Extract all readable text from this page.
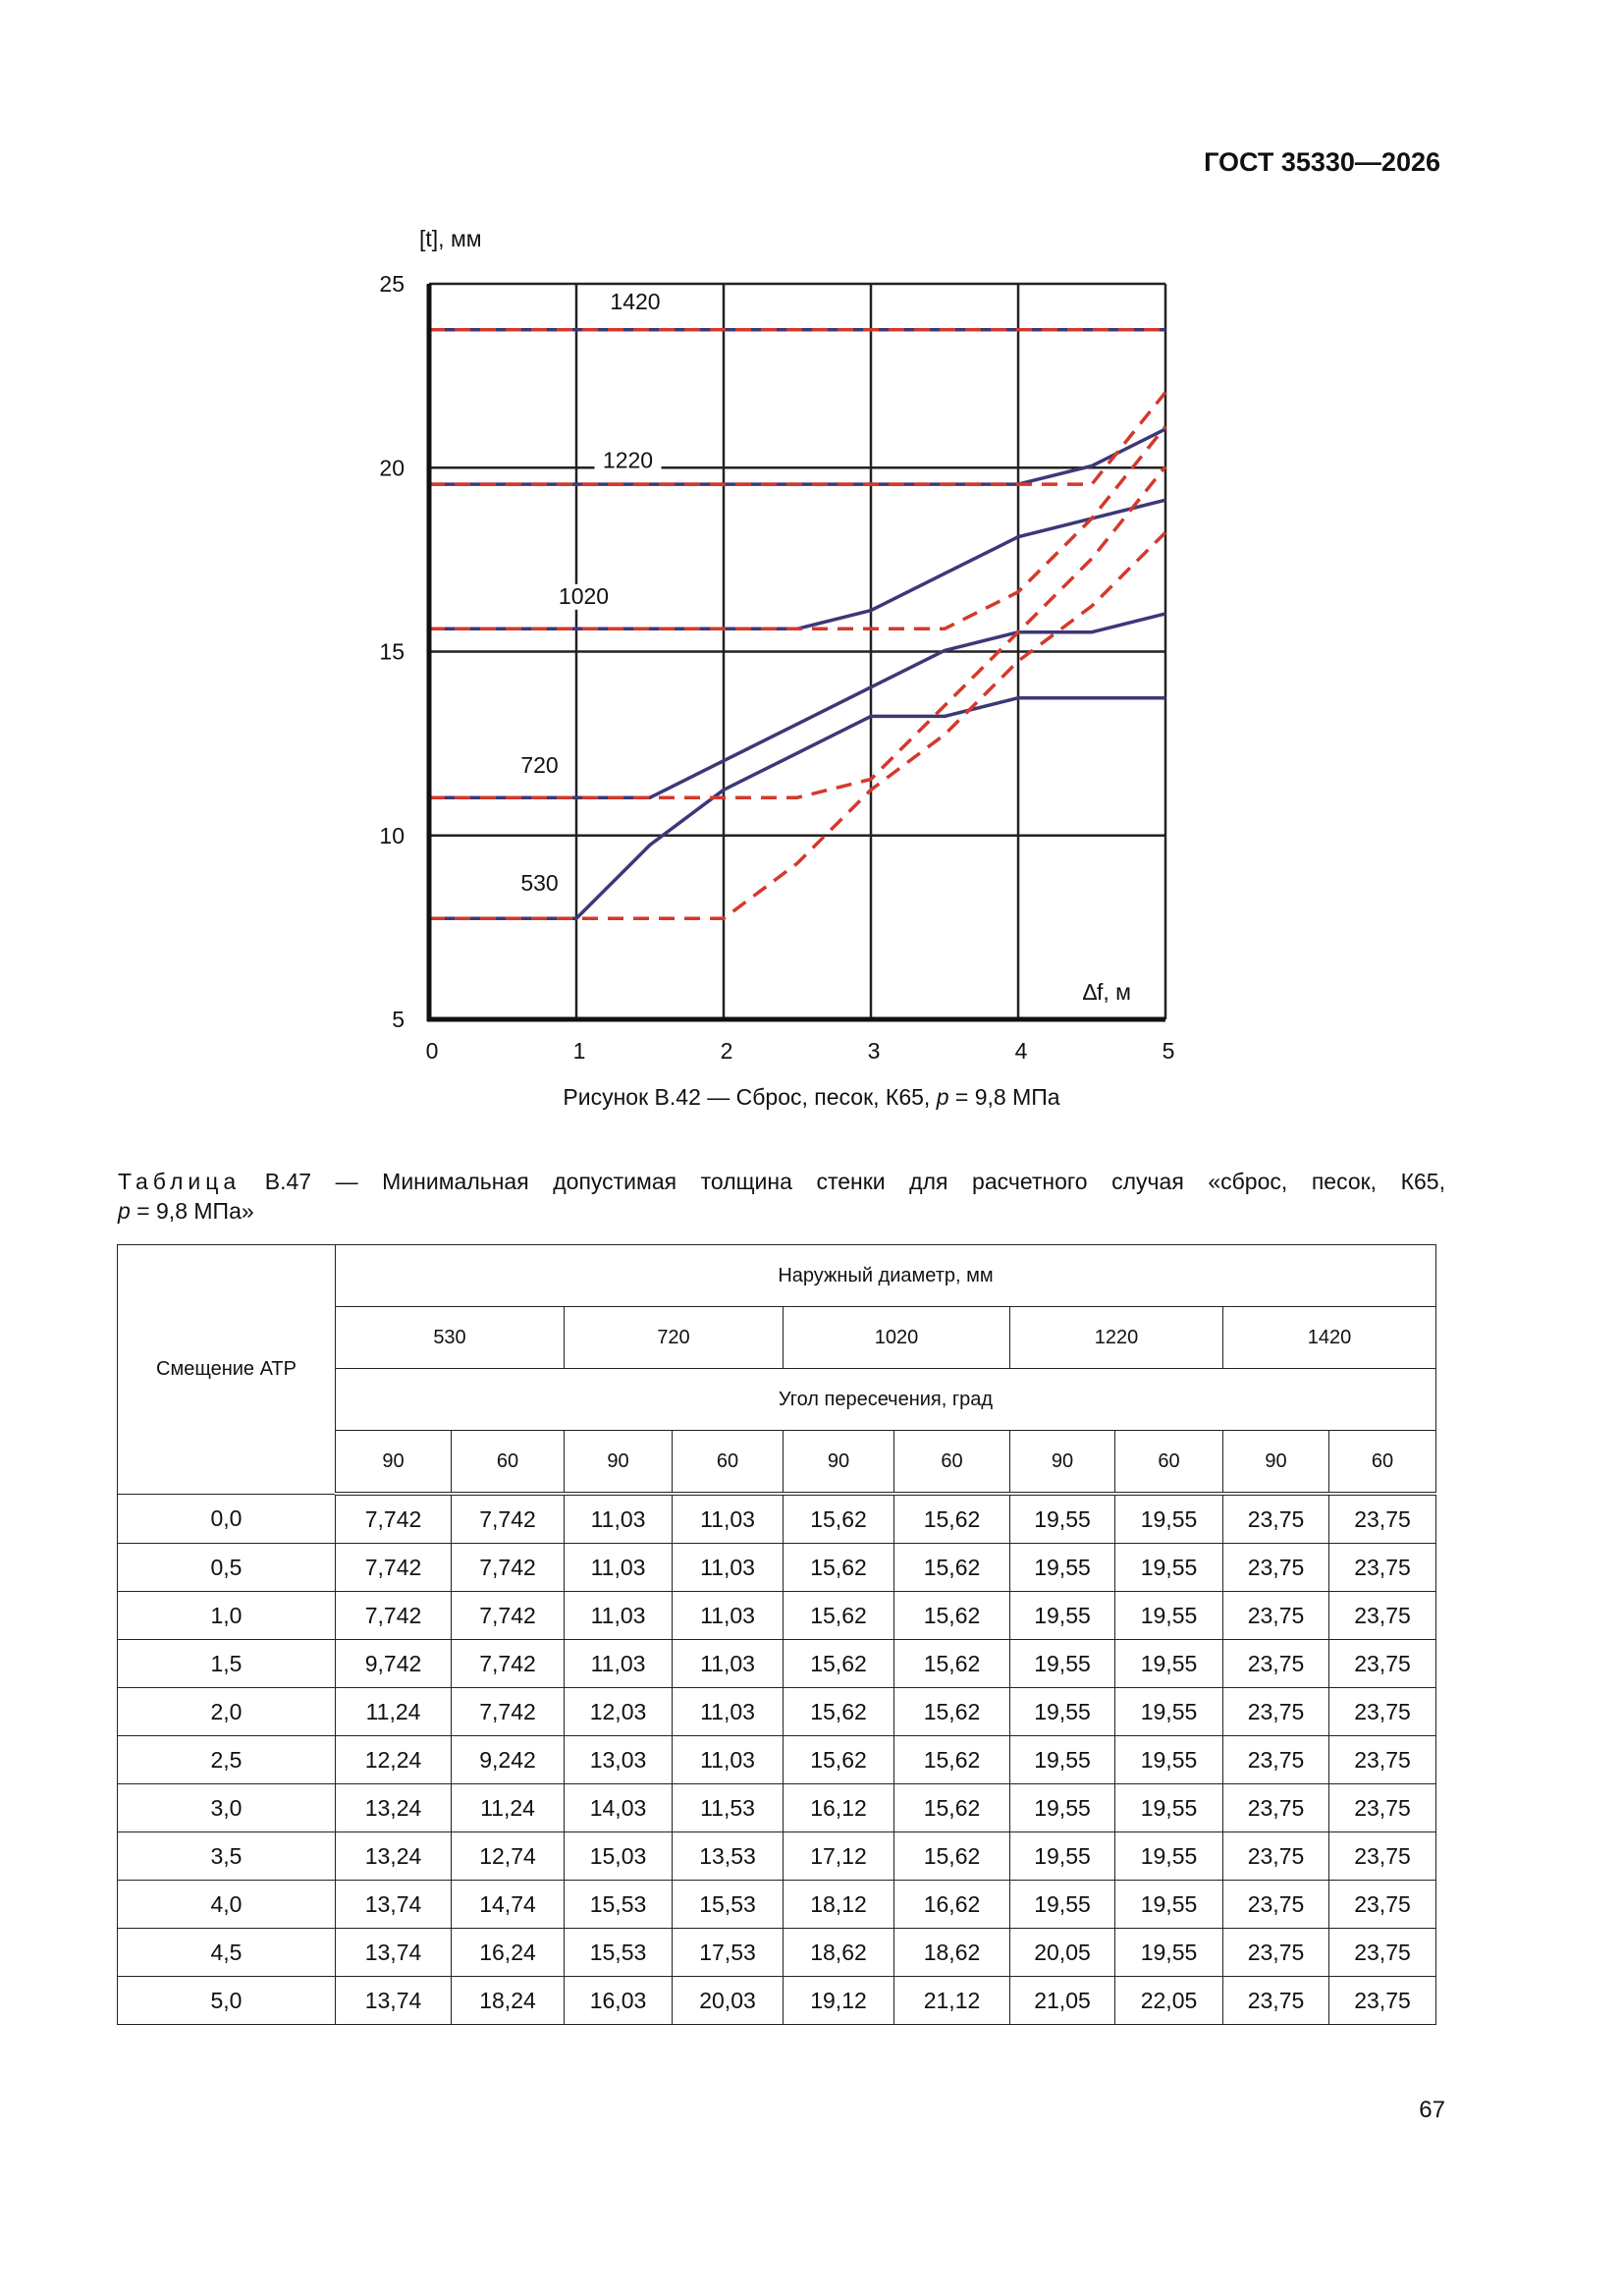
ГОСТ 35330—2026
0	1	2	3	4	5
5
10
15
20
25
[t], мм
∆f, м
1420
1220
1020
720
530
Рисунок В.42 — Сброс, песок, К65, p = 9,8 МПа
Таблица В.47 — Минимальная допустимая толщина стенки для расчетного случая «сброс, песок, К65,
p = 9,8 МПа»
Смещение АТР	Наружный диаметр, мм									
	530		720		1020		1220		1420	
	Угол пересечения, град									
	90	60	90	60	90	60	90	60	90	60
0,0	7,742	7,742	11,03	11,03	15,62	15,62	19,55	19,55	23,75	23,75
0,5	7,742	7,742	11,03	11,03	15,62	15,62	19,55	19,55	23,75	23,75
1,0	7,742	7,742	11,03	11,03	15,62	15,62	19,55	19,55	23,75	23,75
1,5	9,742	7,742	11,03	11,03	15,62	15,62	19,55	19,55	23,75	23,75
2,0	11,24	7,742	12,03	11,03	15,62	15,62	19,55	19,55	23,75	23,75
2,5	12,24	9,242	13,03	11,03	15,62	15,62	19,55	19,55	23,75	23,75
3,0	13,24	11,24	14,03	11,53	16,12	15,62	19,55	19,55	23,75	23,75
3,5	13,24	12,74	15,03	13,53	17,12	15,62	19,55	19,55	23,75	23,75
4,0	13,74	14,74	15,53	15,53	18,12	16,62	19,55	19,55	23,75	23,75
4,5	13,74	16,24	15,53	17,53	18,62	18,62	20,05	19,55	23,75	23,75
5,0	13,74	18,24	16,03	20,03	19,12	21,12	21,05	22,05	23,75	23,75
67
